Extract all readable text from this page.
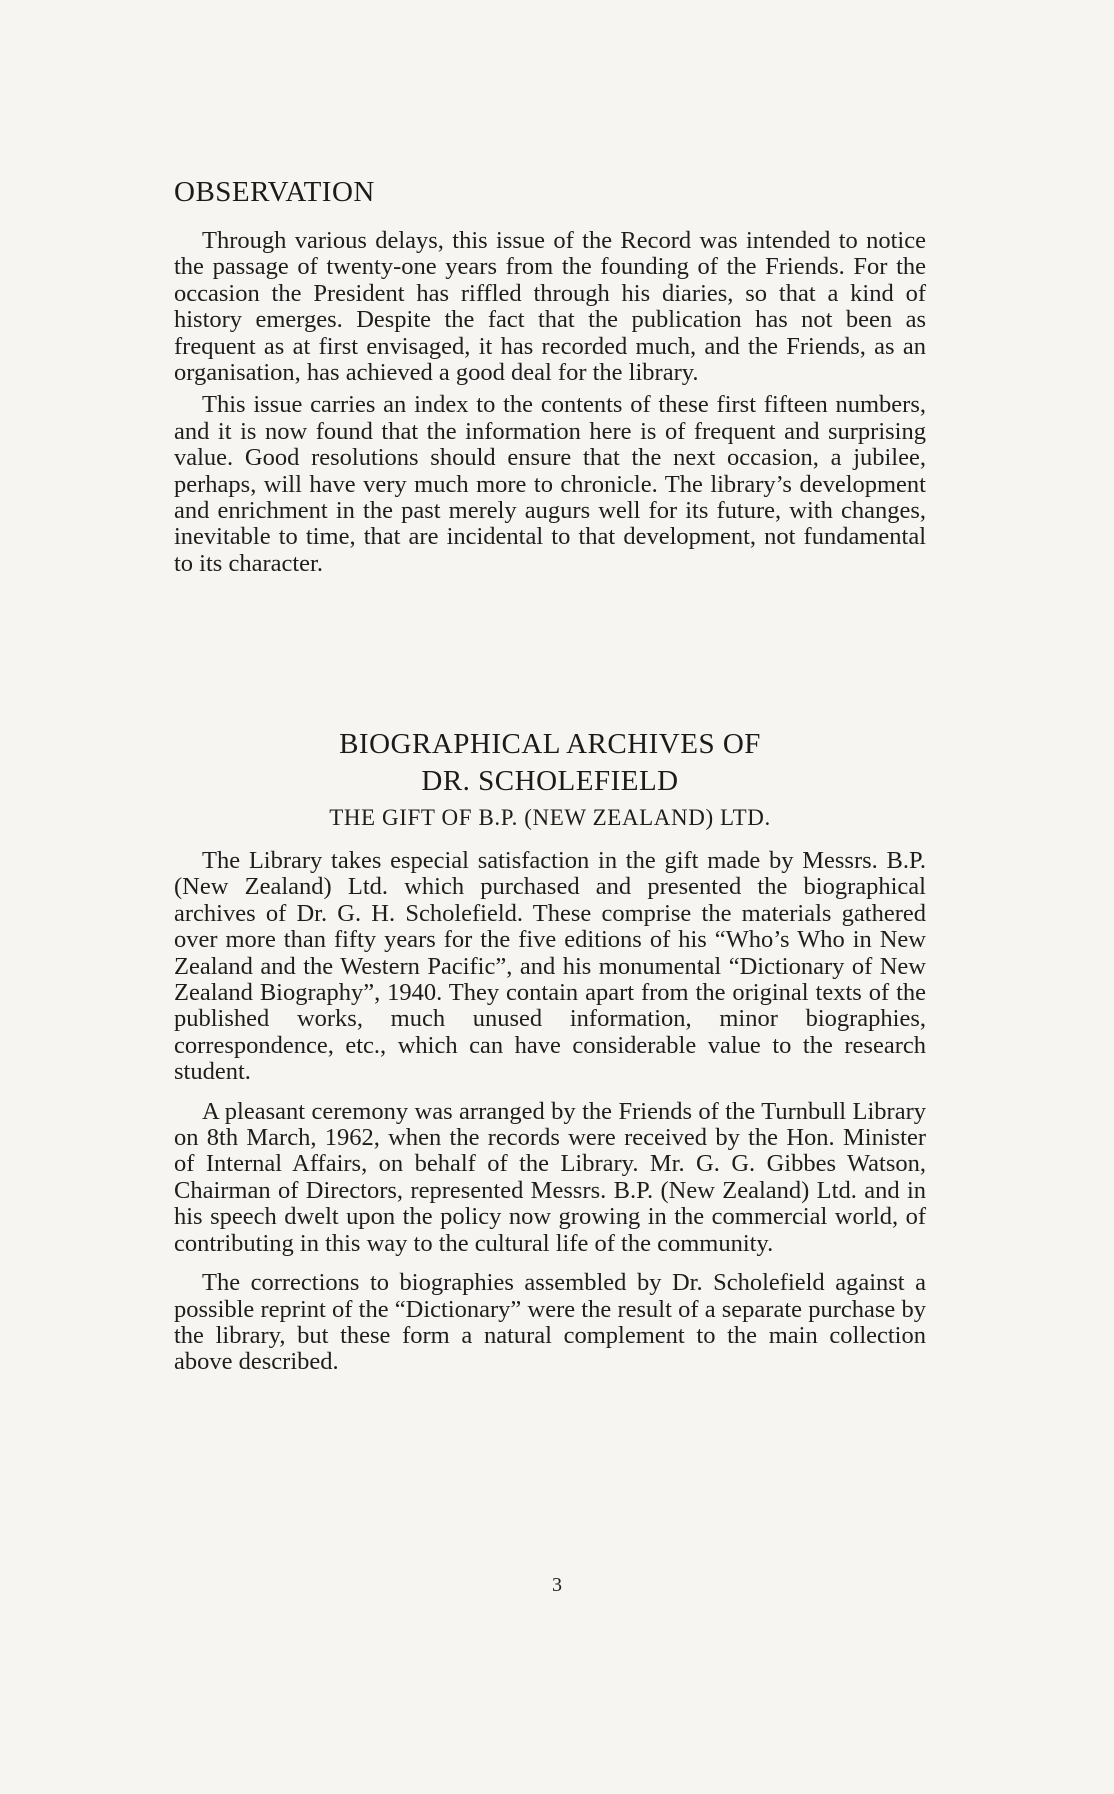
OBSERVATION

Through various delays, this issue of the Record was intended to notice the passage of twenty-one years from the founding of the Friends. For the occasion the President has riffled through his diaries, so that a kind of history emerges. Despite the fact that the publication has not been as frequent as at first envisaged, it has recorded much, and the Friends, as an organisation, has achieved a good deal for the library.

This issue carries an index to the contents of these first fifteen numbers, and it is now found that the information here is of frequent and surprising value. Good resolutions should ensure that the next occasion, a jubilee, perhaps, will have very much more to chronicle. The library’s development and enrichment in the past merely augurs well for its future, with changes, inevitable to time, that are incidental to that development, not fundamental to its character.

BIOGRAPHICAL ARCHIVES OF
DR. SCHOLEFIELD
THE GIFT OF B.P. (NEW ZEALAND) LTD.

The Library takes especial satisfaction in the gift made by Messrs. B.P. (New Zealand) Ltd. which purchased and presented the biographical archives of Dr. G. H. Scholefield. These comprise the materials gathered over more than fifty years for the five editions of his “Who’s Who in New Zealand and the Western Pacific”, and his monumental “Dictionary of New Zealand Biography”, 1940. They contain apart from the original texts of the published works, much unused information, minor biographies, correspondence, etc., which can have considerable value to the research student.

A pleasant ceremony was arranged by the Friends of the Turnbull Library on 8th March, 1962, when the records were received by the Hon. Minister of Internal Affairs, on behalf of the Library. Mr. G. G. Gibbes Watson, Chairman of Directors, represented Messrs. B.P. (New Zealand) Ltd. and in his speech dwelt upon the policy now growing in the commercial world, of contributing in this way to the cultural life of the community.

The corrections to biographies assembled by Dr. Scholefield against a possible reprint of the “Dictionary” were the result of a separate purchase by the library, but these form a natural complement to the main collection above described.

3
